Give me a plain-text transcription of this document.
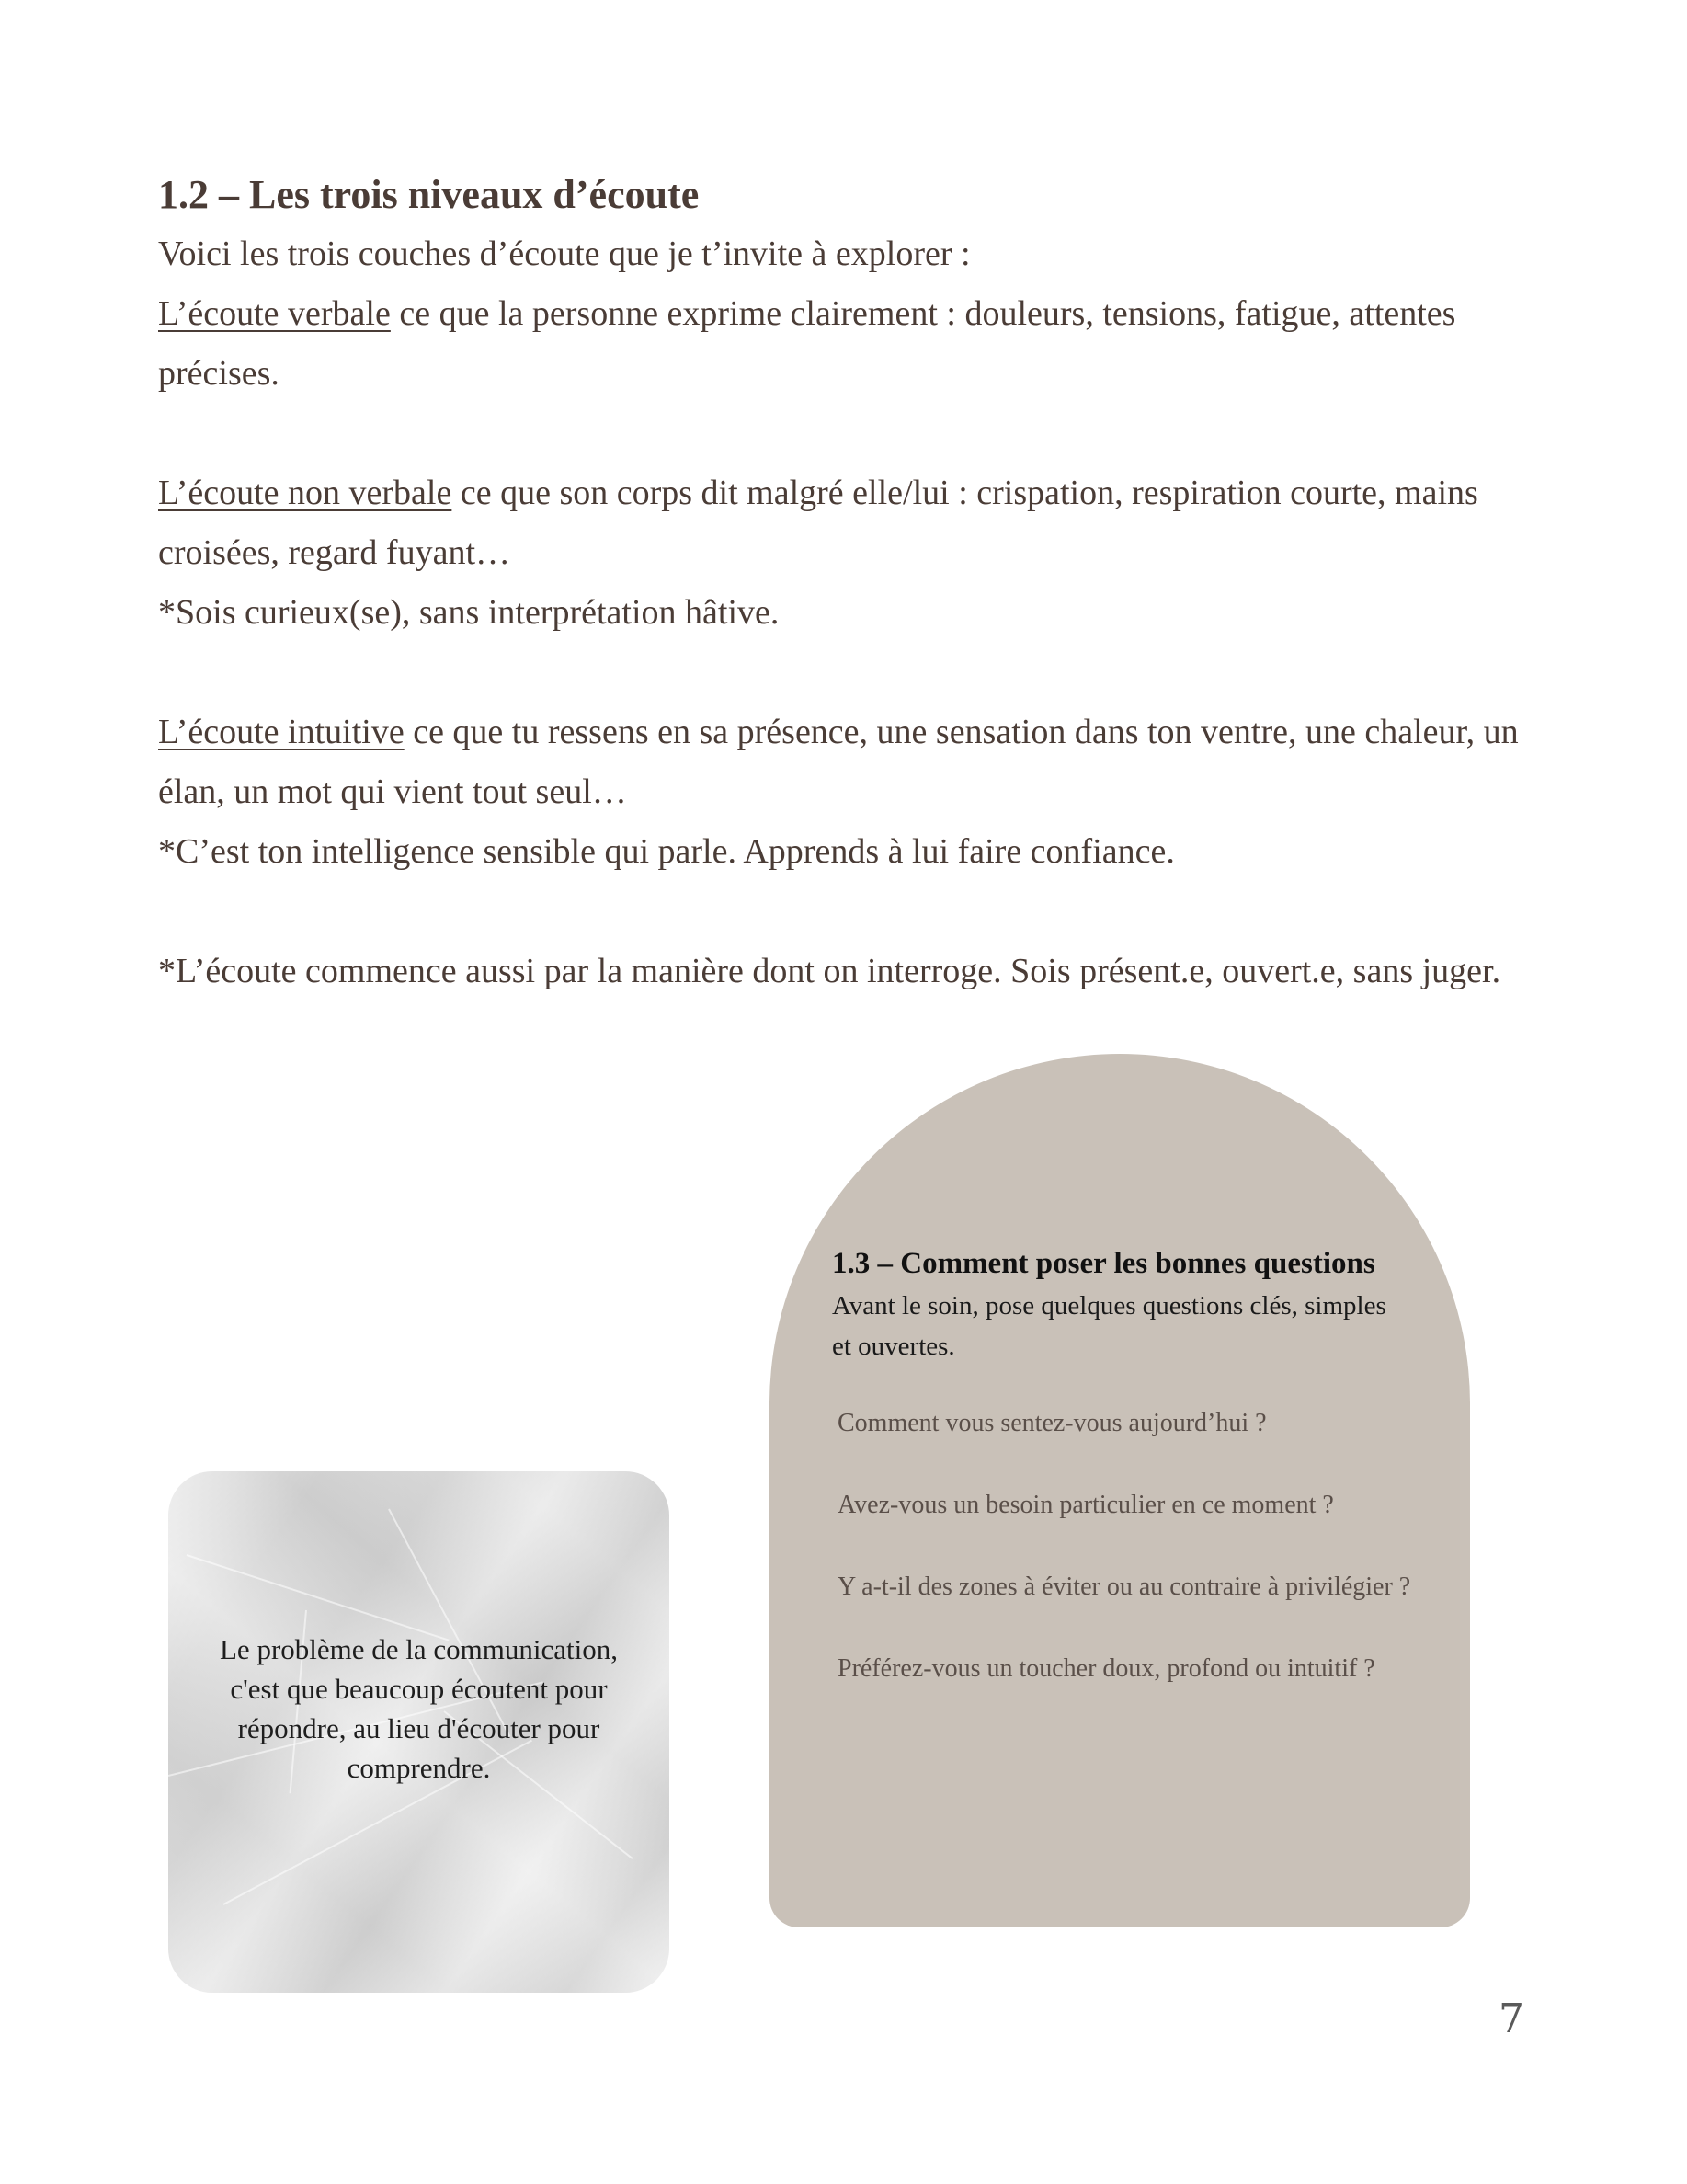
1.2 – Les trois niveaux d’écoute

Voici les trois couches d’écoute que je t’invite à explorer :

L’écoute verbale ce que la personne exprime clairement : douleurs, tensions, fatigue, attentes précises.

L’écoute non verbale ce que son corps dit malgré elle/lui : crispation, respiration courte, mains croisées, regard fuyant…

*Sois curieux(se), sans interprétation hâtive.

L’écoute intuitive ce que tu ressens en sa présence, une sensation dans ton ventre, une chaleur, un élan, un mot qui vient tout seul…

*C’est ton intelligence sensible qui parle. Apprends à lui faire confiance.

*L’écoute commence aussi par la manière dont on interroge. Sois présent.e, ouvert.e, sans juger.

Le problème de la communication, c'est que beaucoup écoutent pour répondre, au lieu d'écouter pour comprendre.
1.3 – Comment poser les bonnes questions
Avant le soin, pose quelques questions clés, simples et ouvertes.

Comment vous sentez-vous aujourd’hui ?

Avez-vous un besoin particulier en ce moment ?

Y a-t-il des zones à éviter ou au contraire à privilégier ?

Préférez-vous un toucher doux, profond ou intuitif ?

7
